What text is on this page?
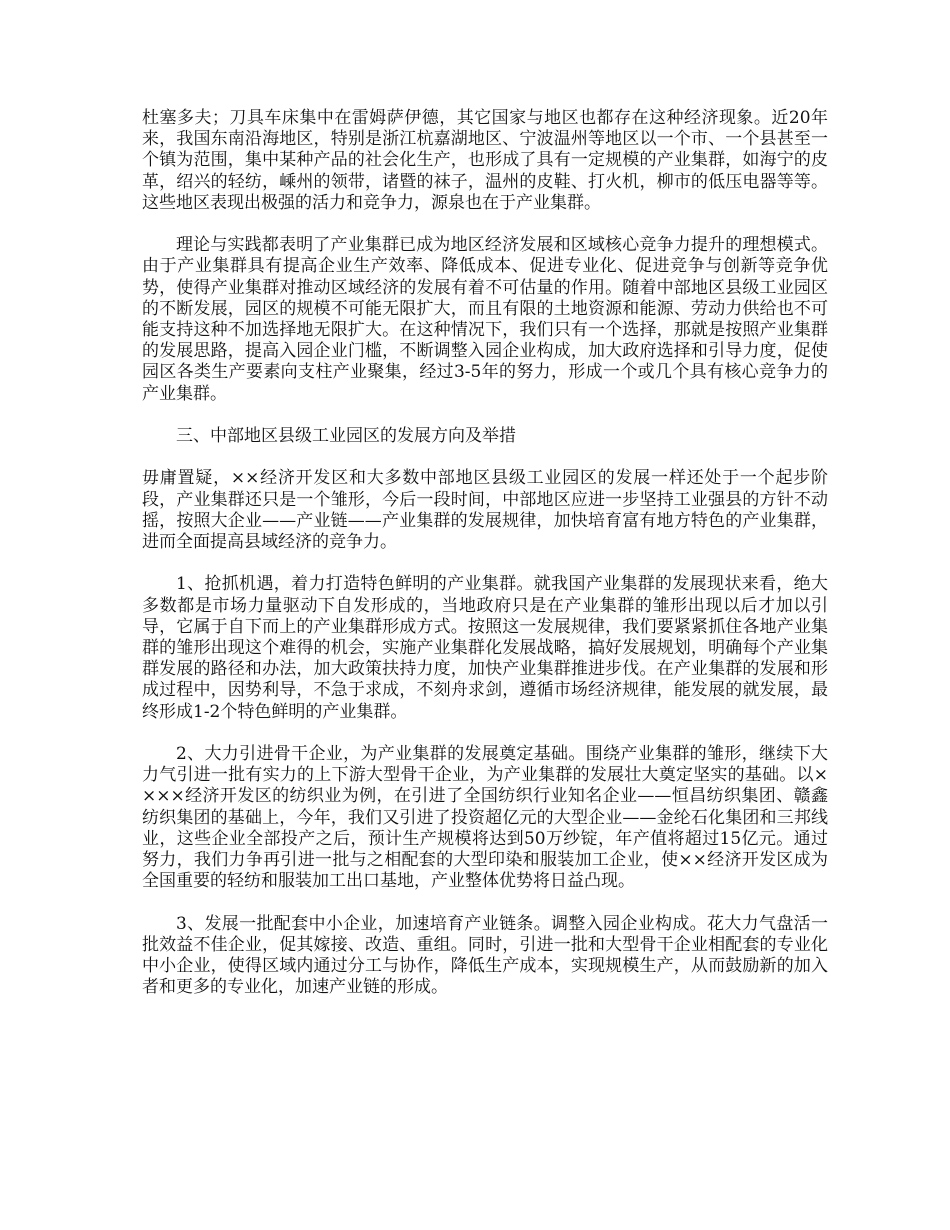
杜塞多夫；刀具车床集中在雷姆萨伊德，其它国家与地区也都存在这种经济现象。近20年来，我国东南沿海地区，特别是浙江杭嘉湖地区、宁波温州等地区以一个市、一个县甚至一个镇为范围，集中某种产品的社会化生产，也形成了具有一定规模的产业集群，如海宁的皮革，绍兴的轻纺，嵊州的领带，诸暨的袜子，温州的皮鞋、打火机，柳市的低压电器等等。这些地区表现出极强的活力和竞争力，源泉也在于产业集群。

理论与实践都表明了产业集群已成为地区经济发展和区域核心竞争力提升的理想模式。由于产业集群具有提高企业生产效率、降低成本、促进专业化、促进竞争与创新等竞争优势，使得产业集群对推动区域经济的发展有着不可估量的作用。随着中部地区县级工业园区的不断发展，园区的规模不可能无限扩大，而且有限的土地资源和能源、劳动力供给也不可能支持这种不加选择地无限扩大。在这种情况下，我们只有一个选择，那就是按照产业集群的发展思路，提高入园企业门槛，不断调整入园企业构成，加大政府选择和引导力度，促使园区各类生产要素向支柱产业聚集，经过3-5年的努力，形成一个或几个具有核心竞争力的产业集群。

三、中部地区县级工业园区的发展方向及举措

毋庸置疑，××经济开发区和大多数中部地区县级工业园区的发展一样还处于一个起步阶段，产业集群还只是一个雏形，今后一段时间，中部地区应进一步坚持工业强县的方针不动摇，按照大企业——产业链——产业集群的发展规律，加快培育富有地方特色的产业集群，进而全面提高县域经济的竞争力。

1、抢抓机遇，着力打造特色鲜明的产业集群。就我国产业集群的发展现状来看，绝大多数都是市场力量驱动下自发形成的，当地政府只是在产业集群的雏形出现以后才加以引导，它属于自下而上的产业集群形成方式。按照这一发展规律，我们要紧紧抓住各地产业集群的雏形出现这个难得的机会，实施产业集群化发展战略，搞好发展规划，明确每个产业集群发展的路径和办法，加大政策扶持力度，加快产业集群推进步伐。在产业集群的发展和形成过程中，因势利导，不急于求成，不刻舟求剑，遵循市场经济规律，能发展的就发展，最终形成1-2个特色鲜明的产业集群。

2、大力引进骨干企业，为产业集群的发展奠定基础。围绕产业集群的雏形，继续下大力气引进一批有实力的上下游大型骨干企业，为产业集群的发展壮大奠定坚实的基础。以××××经济开发区的纺织业为例，在引进了全国纺织行业知名企业——恒昌纺织集团、赣鑫纺织集团的基础上，今年，我们又引进了投资超亿元的大型企业——金纶石化集团和三邦线业，这些企业全部投产之后，预计生产规模将达到50万纱锭，年产值将超过15亿元。通过努力，我们力争再引进一批与之相配套的大型印染和服装加工企业，使××经济开发区成为全国重要的轻纺和服装加工出口基地，产业整体优势将日益凸现。

3、发展一批配套中小企业，加速培育产业链条。调整入园企业构成。花大力气盘活一批效益不佳企业，促其嫁接、改造、重组。同时，引进一批和大型骨干企业相配套的专业化中小企业，使得区域内通过分工与协作，降低生产成本，实现规模生产，从而鼓励新的加入者和更多的专业化，加速产业链的形成。
